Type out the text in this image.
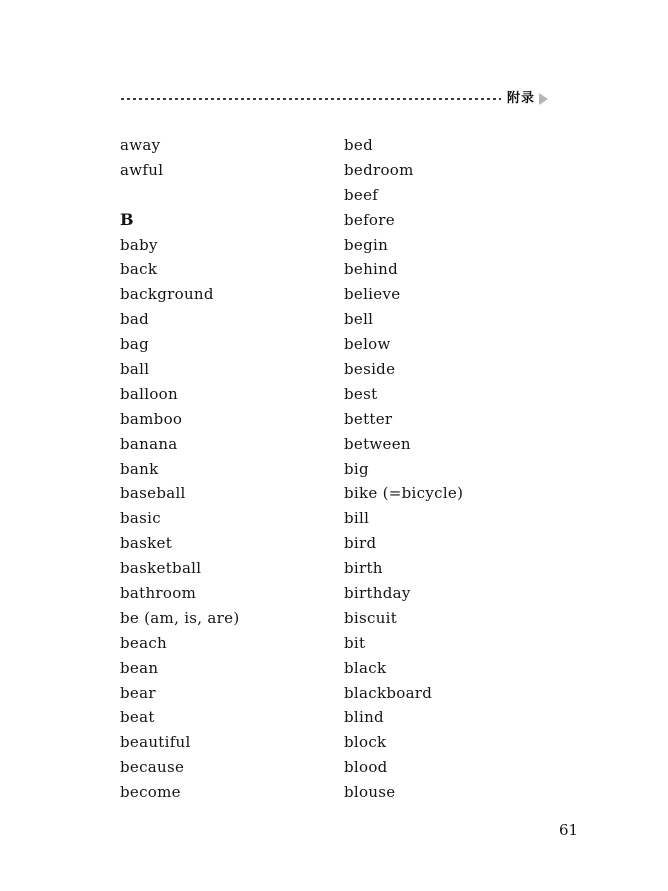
附录
away
awful
B
baby
back
background
bad
bag
ball
balloon
bamboo
banana
bank
baseball
basic
basket
basketball
bathroom
be (am, is, are)
beach
bean
bear
beat
beautiful
because
become
bed
bedroom
beef
before
begin
behind
believe
bell
below
beside
best
better
between
big
bike (=bicycle)
bill
bird
birth
birthday
biscuit
bit
black
blackboard
blind
block
blood
blouse
61
